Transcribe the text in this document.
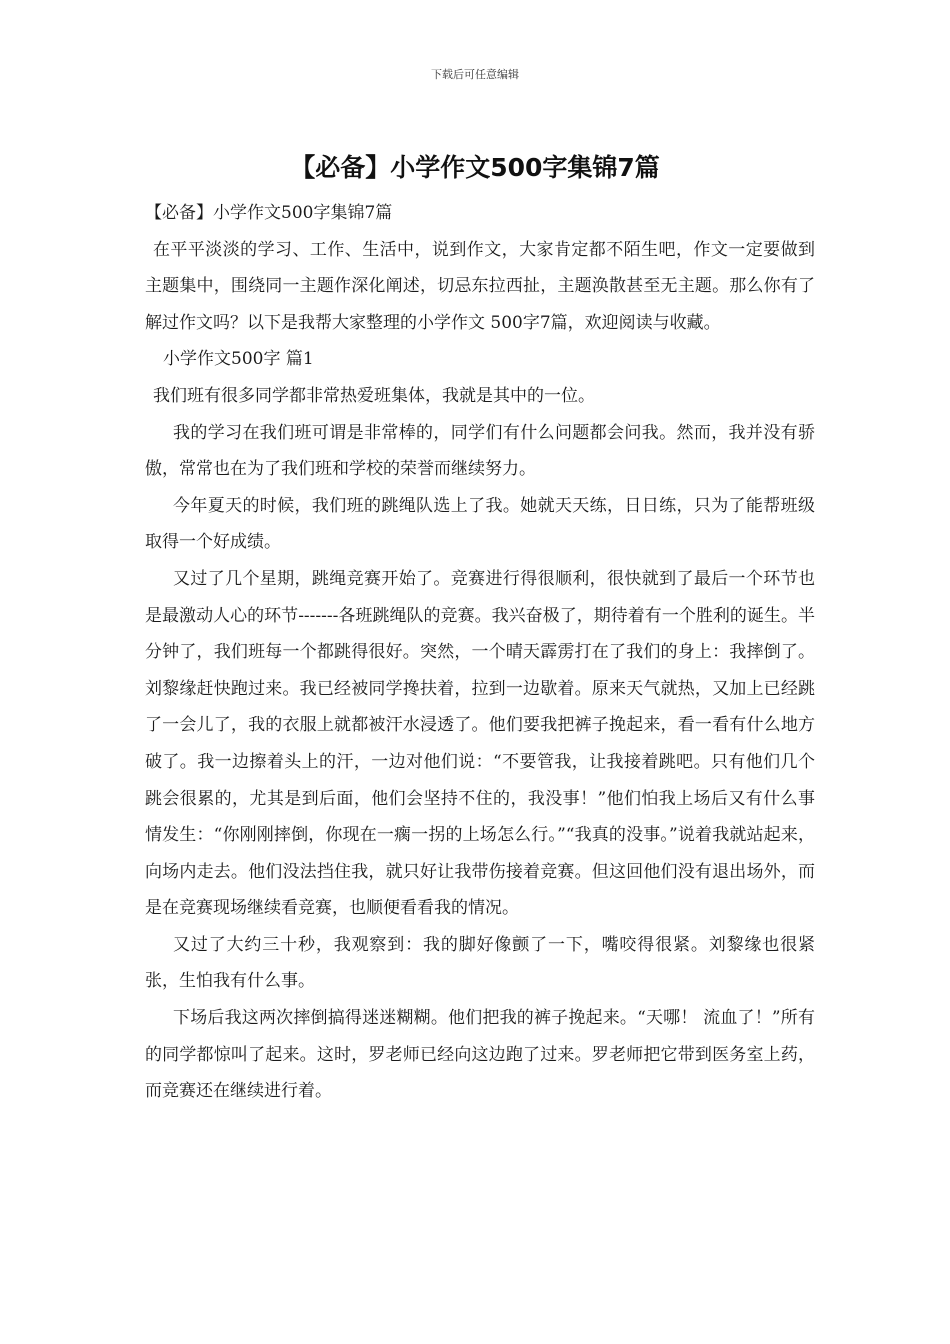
下载后可任意编辑
【必备】小学作文500字集锦7篇

【必备】小学作文500字集锦7篇

在平平淡淡的学习、工作、生活中，说到作文，大家肯定都不陌生吧，作文一定要做到主题集中，围绕同一主题作深化阐述，切忌东拉西扯，主题涣散甚至无主题。那么你有了解过作文吗？以下是我帮大家整理的小学作文 500字7篇，欢迎阅读与收藏。

小学作文500字 篇1

我们班有很多同学都非常热爱班集体，我就是其中的一位。

我的学习在我们班可谓是非常棒的，同学们有什么问题都会问我。然而，我并没有骄傲，常常也在为了我们班和学校的荣誉而继续努力。

今年夏天的时候，我们班的跳绳队选上了我。她就天天练，日日练，只为了能帮班级取得一个好成绩。

又过了几个星期，跳绳竞赛开始了。竞赛进行得很顺利，很快就到了最后一个环节也是最激动人心的环节-------各班跳绳队的竞赛。我兴奋极了，期待着有一个胜利的诞生。半分钟了，我们班每一个都跳得很好。突然，一个晴天霹雳打在了我们的身上：我摔倒了。刘黎缘赶快跑过来。我已经被同学搀扶着，拉到一边歇着。原来天气就热，又加上已经跳了一会儿了，我的衣服上就都被汗水浸透了。他们要我把裤子挽起来，看一看有什么地方破了。我一边擦着头上的汗，一边对他们说：“不要管我，让我接着跳吧。只有他们几个跳会很累的，尤其是到后面，他们会坚持不住的，我没事！”他们怕我上场后又有什么事情发生：“你刚刚摔倒，你现在一瘸一拐的上场怎么行。”“我真的没事。”说着我就站起来，向场内走去。他们没法挡住我，就只好让我带伤接着竞赛。但这回他们没有退出场外，而是在竞赛现场继续看竞赛，也顺便看看我的情况。

又过了大约三十秒，我观察到：我的脚好像颤了一下，嘴咬得很紧。刘黎缘也很紧张，生怕我有什么事。

下场后我这两次摔倒搞得迷迷糊糊。他们把我的裤子挽起来。“天哪！ 流血了！”所有的同学都惊叫了起来。这时，罗老师已经向这边跑了过来。罗老师把它带到医务室上药，而竞赛还在继续进行着。
